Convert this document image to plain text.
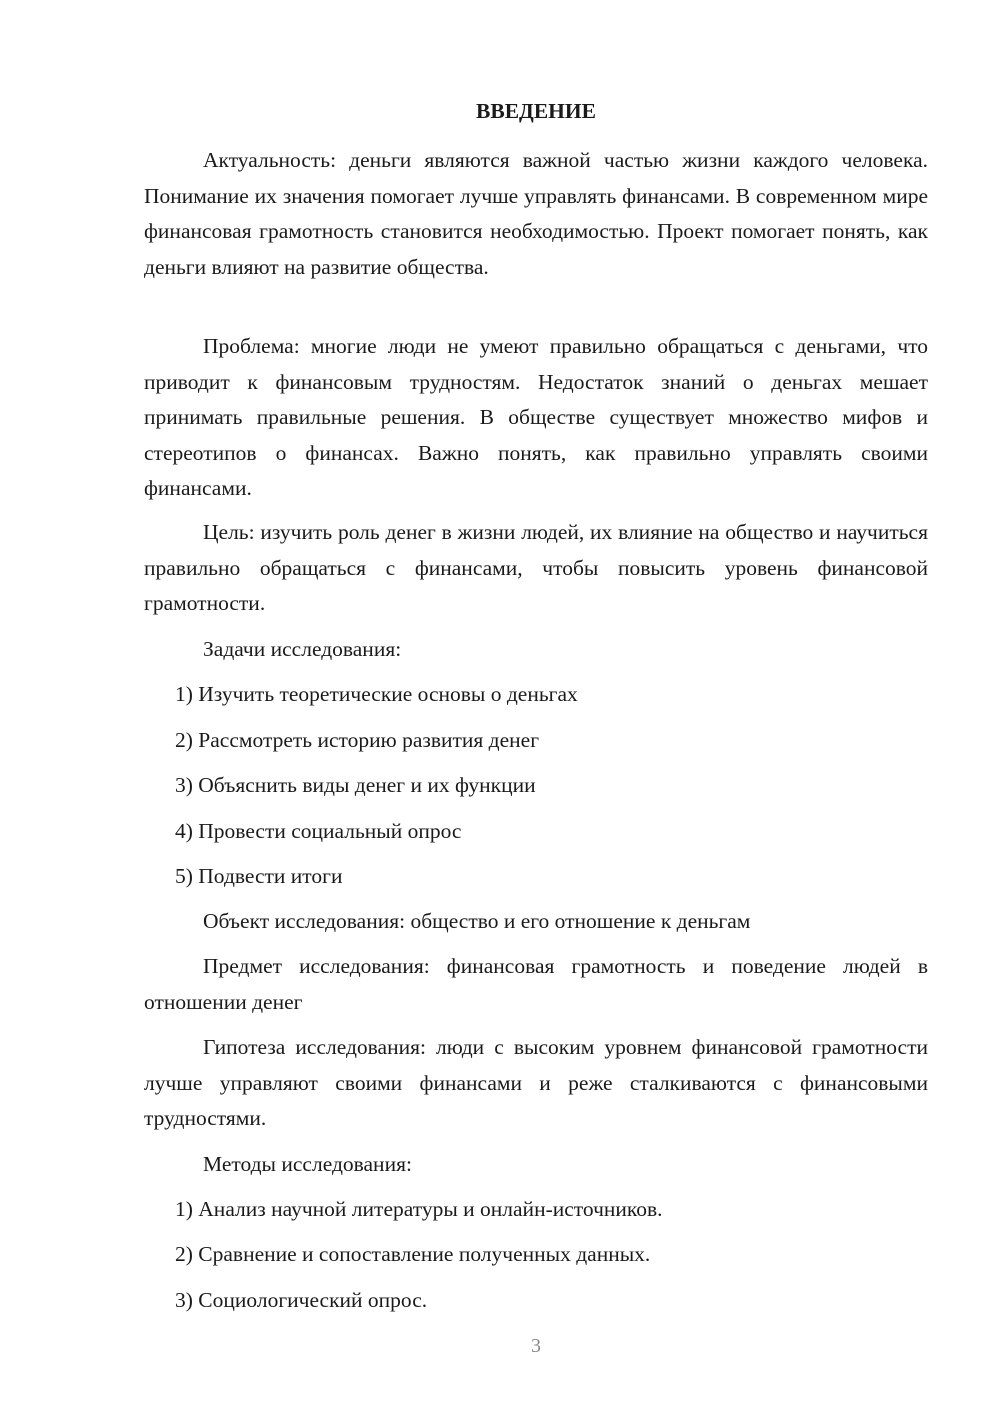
ВВЕДЕНИЕ

Актуальность: деньги являются важной частью жизни каждого человека. Понимание их значения помогает лучше управлять финансами. В современном мире финансовая грамотность становится необходимостью. Проект помогает понять, как деньги влияют на развитие общества.

Проблема: многие люди не умеют правильно обращаться с деньгами, что приводит к финансовым трудностям. Недостаток знаний о деньгах мешает принимать правильные решения. В обществе существует множество мифов и стереотипов о финансах. Важно понять, как правильно управлять своими финансами.

Цель: изучить роль денег в жизни людей, их влияние на общество и научиться правильно обращаться с финансами, чтобы повысить уровень финансовой грамотности.

Задачи исследования:
1) Изучить теоретические основы о деньгах
2) Рассмотреть историю развития денег
3) Объяснить виды денег и их функции
4) Провести социальный опрос
5) Подвести итоги
Объект исследования: общество и его отношение к деньгам

Предмет исследования: финансовая грамотность и поведение людей в отношении денег

Гипотеза исследования: люди с высоким уровнем финансовой грамотности лучше управляют своими финансами и реже сталкиваются с финансовыми трудностями.

Методы исследования:
1) Анализ научной литературы и онлайн-источников.
2) Сравнение и сопоставление полученных данных.
3) Социологический опрос.
3
